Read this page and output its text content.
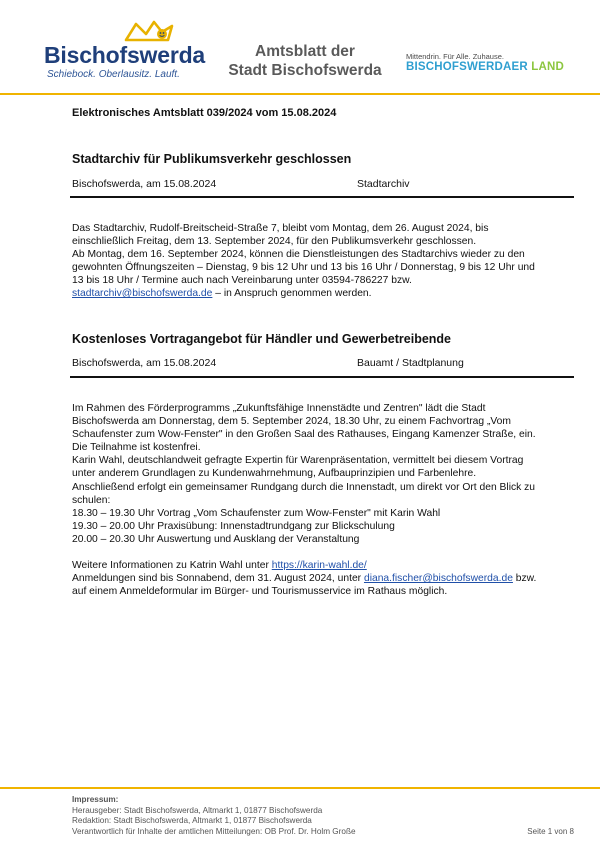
Bischofswerda
Schiebock. Oberlausitz. Lauft.
Amtsblatt der
Stadt Bischofswerda
Mittendrin. Für Alle. Zuhause.
BISCHOFSWERDAER LAND
Elektronisches Amtsblatt 039/2024 vom 15.08.2024
Stadtarchiv für Publikumsverkehr geschlossen
Bischofswerda, am 15.08.2024	Stadtarchiv

Das Stadtarchiv, Rudolf-Breitscheid-Straße 7, bleibt vom Montag, dem 26. August 2024, bis

einschließlich Freitag, dem 13. September 2024, für den Publikumsverkehr geschlossen.

Ab Montag, dem 16. September 2024, können die Dienstleistungen des Stadtarchivs wieder zu den

gewohnten Öffnungszeiten – Dienstag, 9 bis 12 Uhr und 13 bis 16 Uhr / Donnerstag, 9 bis 12 Uhr und

13 bis 18 Uhr / Termine auch nach Vereinbarung unter 03594-786227 bzw.

stadtarchiv@bischofswerda.de – in Anspruch genommen werden.

Kostenloses Vortragangebot für Händler und Gewerbetreibende
Bischofswerda, am 15.08.2024	Bauamt / Stadtplanung

Im Rahmen des Förderprogramms „Zukunftsfähige Innenstädte und Zentren" lädt die Stadt

Bischofswerda am Donnerstag, dem 5. September 2024, 18.30 Uhr, zu einem Fachvortrag „Vom

Schaufenster zum Wow-Fenster" in den Großen Saal des Rathauses, Eingang Kamenzer Straße, ein.

Die Teilnahme ist kostenfrei.

Karin Wahl, deutschlandweit gefragte Expertin für Warenpräsentation, vermittelt bei diesem Vortrag

unter anderem Grundlagen zu Kundenwahrnehmung, Aufbauprinzipien und Farbenlehre.

Anschließend erfolgt ein gemeinsamer Rundgang durch die Innenstadt, um direkt vor Ort den Blick zu

schulen:

18.30 – 19.30 Uhr Vortrag „Vom Schaufenster zum Wow-Fenster" mit Karin Wahl

19.30 – 20.00 Uhr Praxisübung: Innenstadtrundgang zur Blickschulung

20.00 – 20.30 Uhr Auswertung und Ausklang der Veranstaltung

Weitere Informationen zu Katrin Wahl unter https://karin-wahl.de/

Anmeldungen sind bis Sonnabend, dem 31. August 2024, unter diana.fischer@bischofswerda.de bzw.

auf einem Anmeldeformular im Bürger- und Tourismusservice im Rathaus möglich.

Impressum:
Herausgeber: Stadt Bischofswerda, Altmarkt 1, 01877 Bischofswerda
Redaktion: Stadt Bischofswerda, Altmarkt 1, 01877 Bischofswerda
Verantwortlich für Inhalte der amtlichen Mitteilungen: OB Prof. Dr. Holm Große	Seite 1 von 8
